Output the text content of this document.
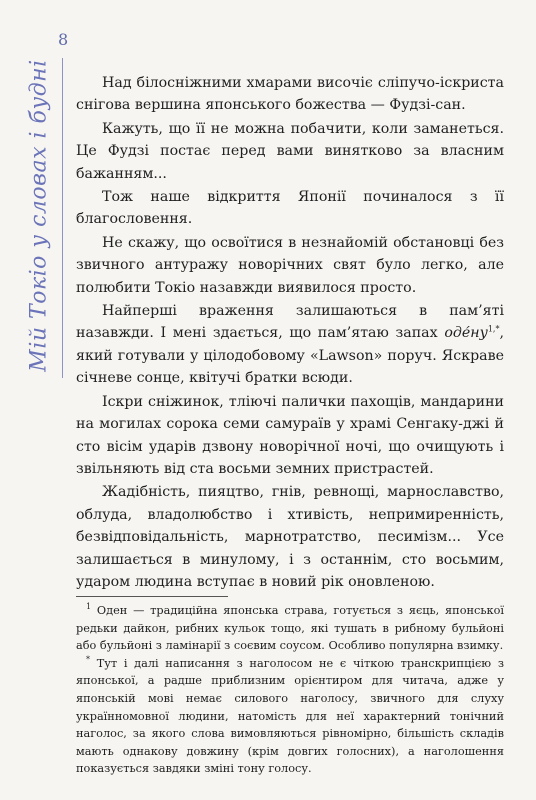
8
Мій Токіо у словах і будні	Над білосніжними хмарами височіє сліпучо-іскриста снігова вершина японського божества — Фудзі-сан.

Кажуть, що її не можна побачити, коли заманеться. Це Фудзі постає перед вами винятково за власним бажанням...

Тож наше відкриття Японії починалося з її благословення.

Не скажу, що освоїтися в незнайомій обстановці без звичного антуражу новорічних свят було легко, але полюбити Токіо назавжди виявилося просто.

Найперші враження залишаються в пам’яті назавжди. І мені здається, що пам’ятаю запах $оде́ну^{1,*}$, який готували у цілодобовому «Lawson» поруч. Яскраве січневе сонце, квітучі братки всюди.

Іскри сніжинок, тліючі палички пахощів, мандарини на могилах сорока семи самураїв у храмі Сенгаку-джі й сто вісім ударів дзвону новорічної ночі, що очищують і звільняють від ста восьми земних пристрастей.

Жадібність, пияцтво, гнів, ревнощі, марнославство, облуда, владолюбство і хтивість, непримиренність, безвідповідальність, марнотратство, песимізм... Усе залишається в минулому, і з останнім, сто восьмим, ударом людина вступає в новий рік оновленою.

$^1$ Оден — традиційна японська страва, готується з яєць, японської редьки дайкон, рибних кульок тощо, які тушать в рибному бульйоні або бульйоні з ламінарії з соєвим соусом. Особливо популярна взимку.

* Тут і далі написання з наголосом не є чіткою транскрипцією з японської, а радше приблизним орієнтиром для читача, адже у японській мові немає силового наголосу, звичного для слуху українномовної людини, натомість для неї характерний тонічний наголос, за якого слова вимовляються рівномірно, більшість складів мають однакову довжину (крім довгих голосних), а наголошення показується завдяки зміні тону голосу.
